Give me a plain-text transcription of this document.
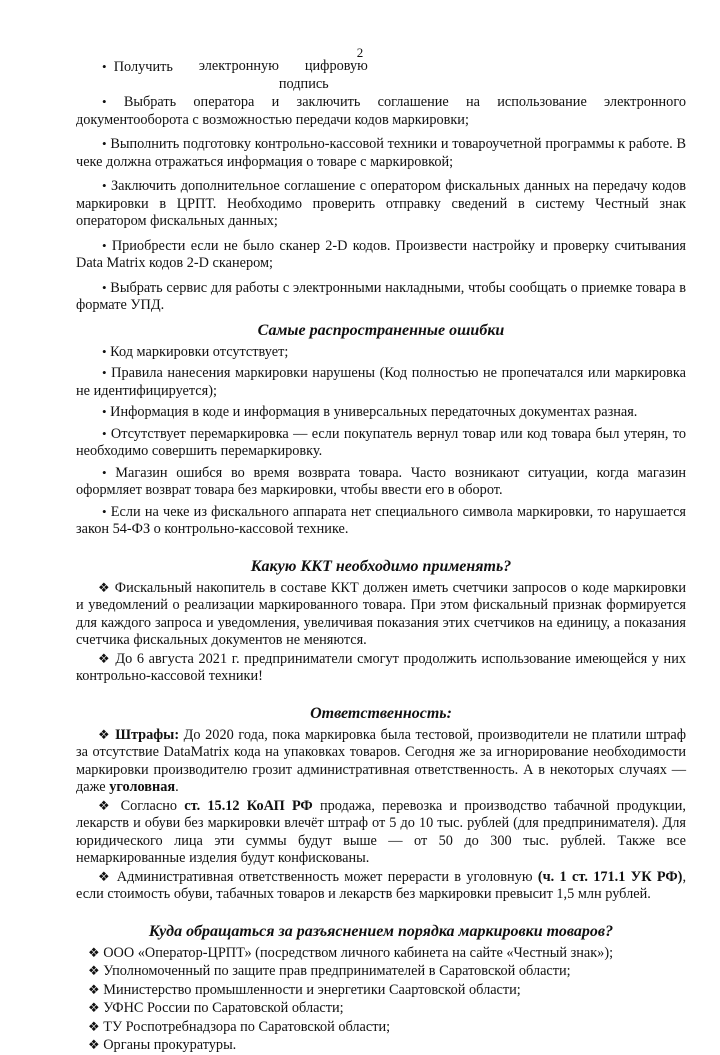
2
• Получить	электронную	цифровую подпись

• Выбрать оператора и заключить соглашение на использование электронного документооборота с возможностью передачи кодов маркировки;

• Выполнить подготовку контрольно-кассовой техники и товароучетной программы к работе. В чеке должна отражаться информация о товаре с маркировкой;

• Заключить дополнительное соглашение с оператором фискальных данных на передачу кодов маркировки в ЦРПТ. Необходимо проверить отправку сведений в систему Честный знак оператором фискальных данных;

• Приобрести если не было сканер 2-D кодов. Произвести настройку и проверку считывания Data Matrix кодов 2-D сканером;

• Выбрать сервис для работы с электронными накладными, чтобы сообщать о приемке товара в формате УПД.

Самые распространенные ошибки

• Код маркировки отсутствует;

• Правила нанесения маркировки нарушены (Код полностью не пропечатался или маркировка не идентифицируется);

• Информация в коде и информация в универсальных передаточных документах разная.

• Отсутствует перемаркировка — если покупатель вернул товар или код товара был утерян, то необходимо совершить перемаркировку.

• Магазин ошибся во время возврата товара. Часто возникают ситуации, когда магазин оформляет возврат товара без маркировки, чтобы ввести его в оборот.

• Если на чеке из фискального аппарата нет специального символа маркировки, то нарушается закон 54-ФЗ о контрольно-кассовой технике.

Какую ККТ необходимо применять?

❖ Фискальный накопитель в составе ККТ должен иметь счетчики запросов о коде маркировки и уведомлений о реализации маркированного товара. При этом фискальный признак формируется для каждого запроса и уведомления, увеличивая показания этих счетчиков на единицу, а показания счетчика фискальных документов не меняются.

❖ До 6 августа 2021 г. предприниматели смогут продолжить использование имеющейся у них контрольно-кассовой техники!

Ответственность:

❖ Штрафы: До 2020 года, пока маркировка была тестовой, производители не платили штраф за отсутствие DataMatrix кода на упаковках товаров. Сегодня же за игнорирование необходимости маркировки производителю грозит административная ответственность. А в некоторых случаях — даже уголовная.

❖ Согласно ст. 15.12 КоАП РФ продажа, перевозка и производство табачной продукции, лекарств и обуви без маркировки влечёт штраф от 5 до 10 тыс. рублей (для предпринимателя). Для юридического лица эти суммы будут выше — от 50 до 300 тыс. рублей. Также все немаркированные изделия будут конфискованы.

❖ Административная ответственность может перерасти в уголовную (ч. 1 ст. 171.1 УК РФ), если стоимость обуви, табачных товаров и лекарств без маркировки превысит 1,5 млн рублей.

Куда обращаться за разъяснением порядка маркировки товаров?

❖ ООО «Оператор-ЦРПТ» (посредством личного кабинета на сайте «Честный знак»);

❖ Уполномоченный по защите прав предпринимателей в Саратовской области;

❖ Министерство промышленности и энергетики Саартовской области;

❖ УФНС России по Саратовской области;

❖ ТУ Роспотребнадзора по Саратовской области;

❖ Органы прокуратуры.
